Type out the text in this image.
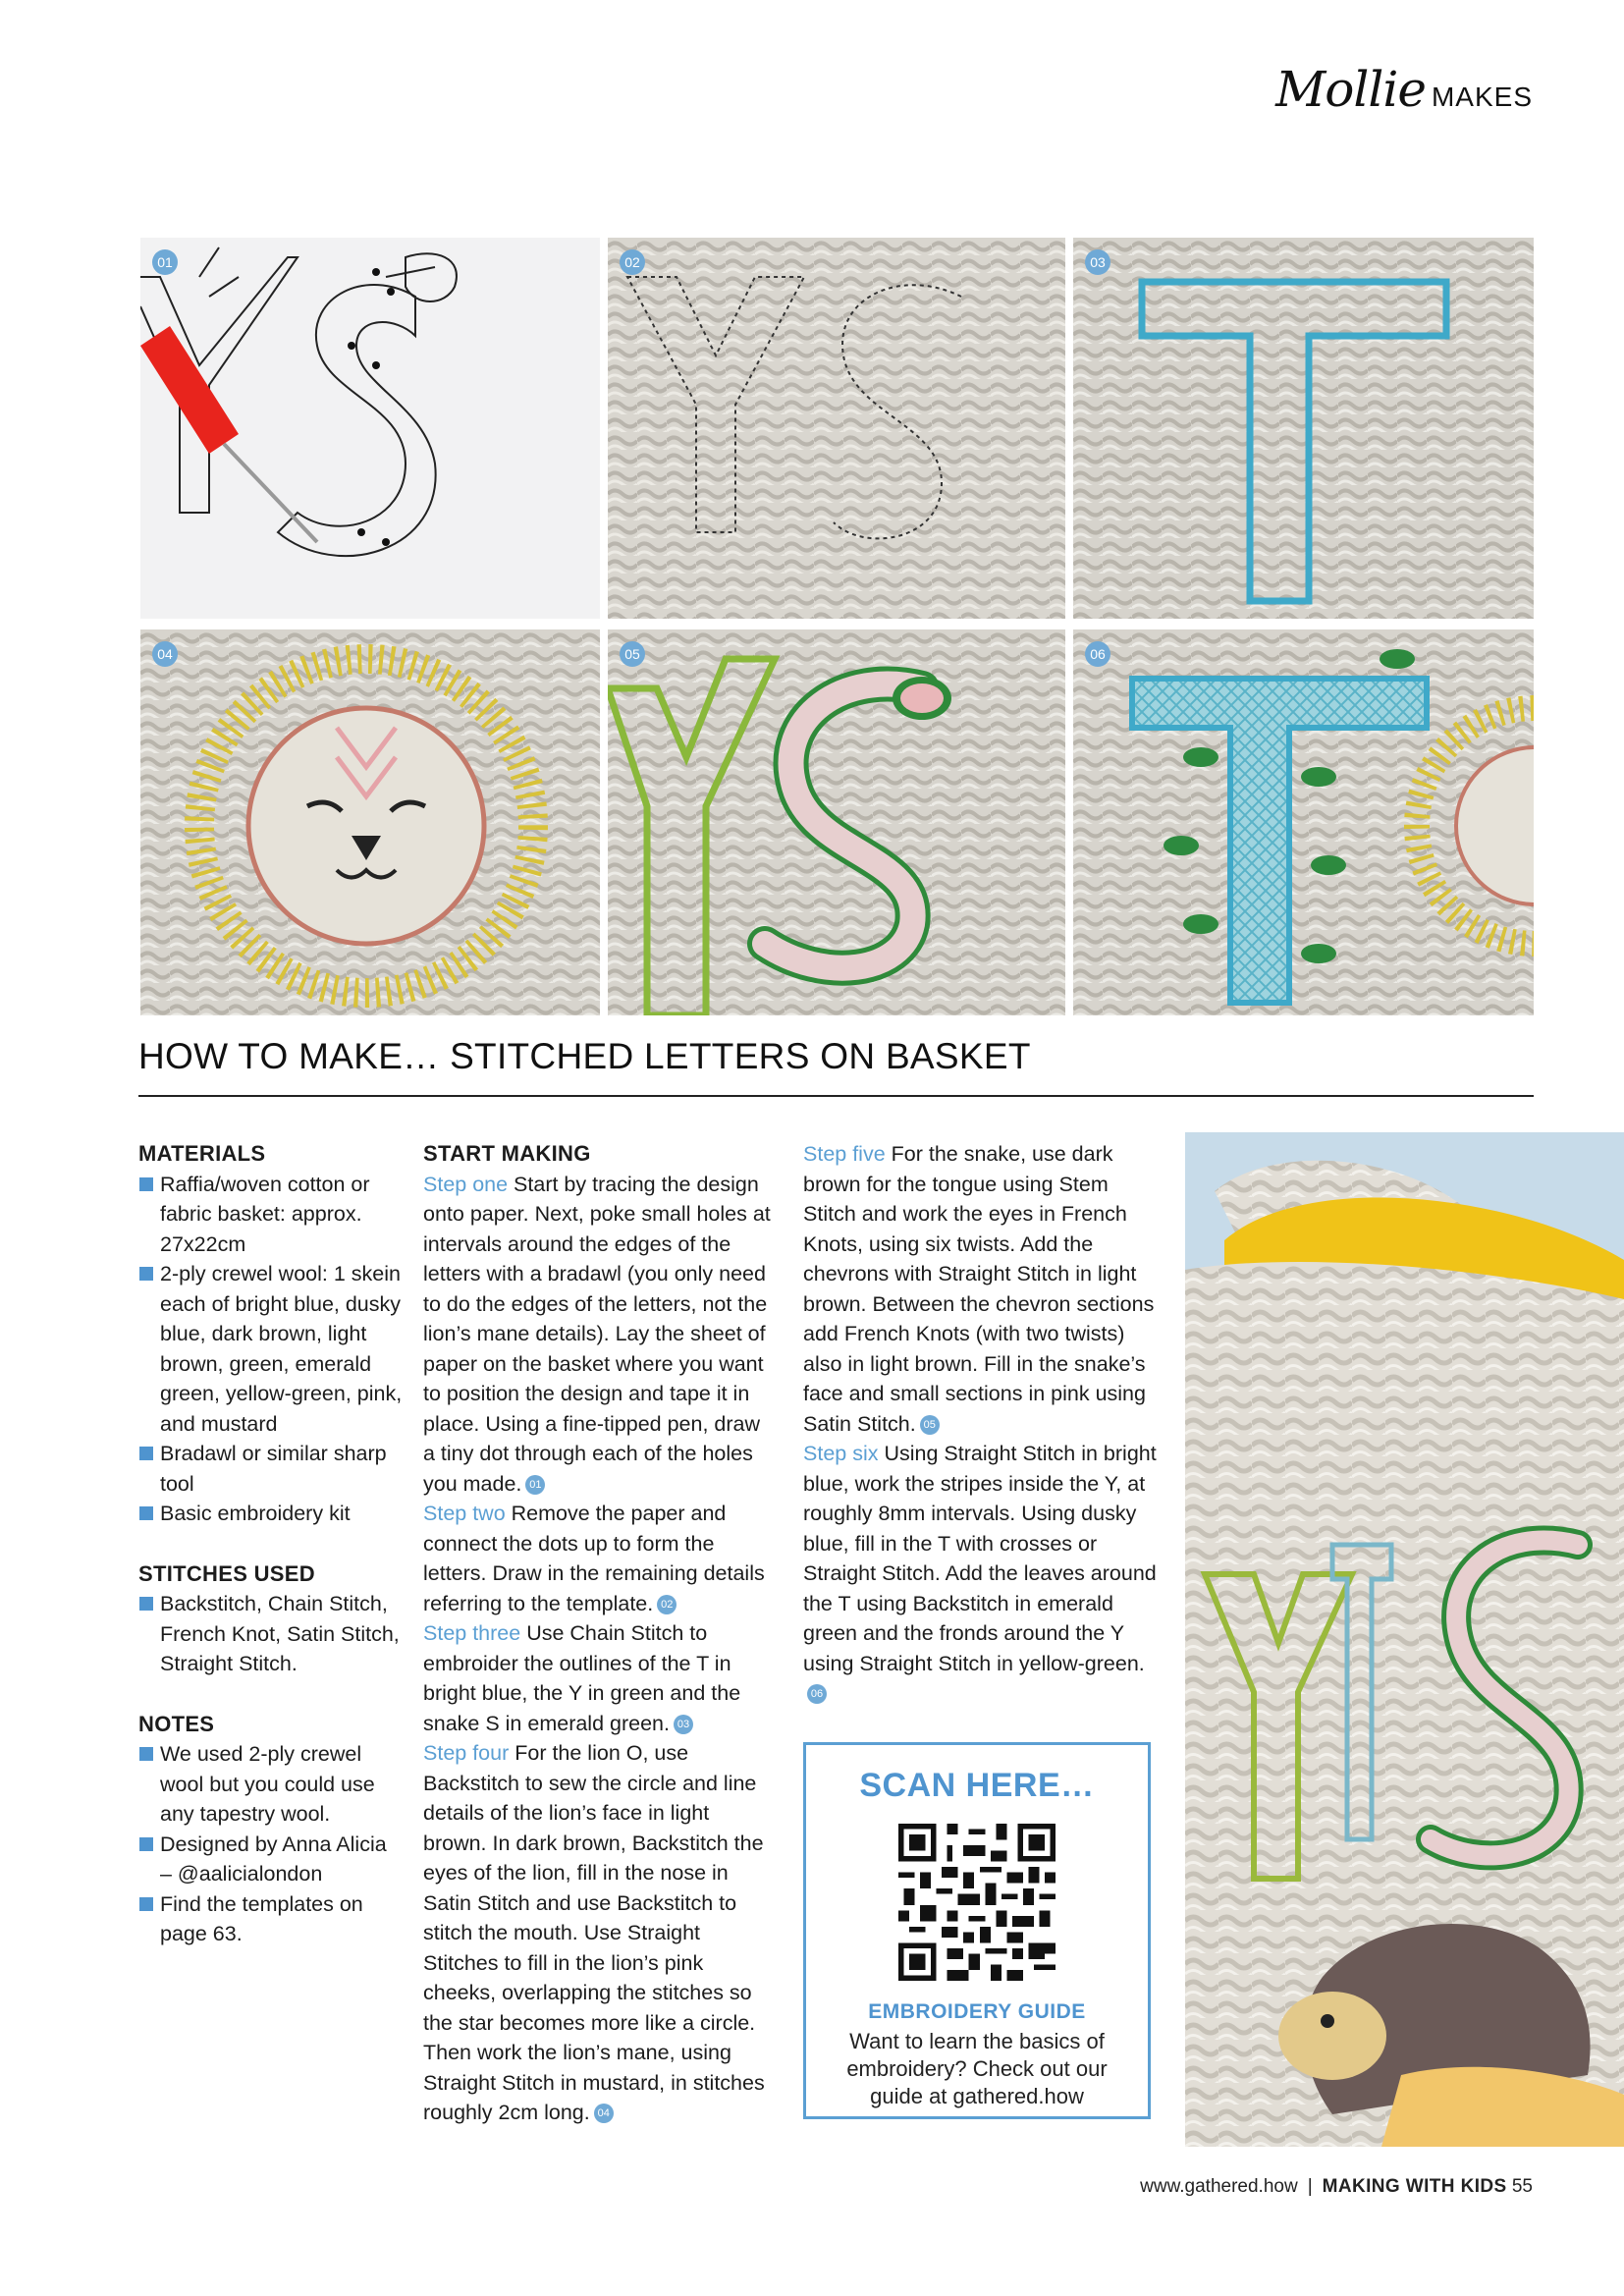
Mollie MAKES
01	02	03
04	05	06
HOW TO MAKE… STITCHED LETTERS ON BASKET
MATERIALS
Raffia/woven cotton or fabric basket: approx. 27x22cm
2-ply crewel wool: 1 skein each of bright blue, dusky blue, dark brown, light brown, green, emerald green, yellow-green, pink, and mustard
Bradawl or similar sharp tool
Basic embroidery kit
STITCHES USED
Backstitch, Chain Stitch, French Knot, Satin Stitch, Straight Stitch.
NOTES
We used 2-ply crewel wool but you could use any tapestry wool.
Designed by Anna Alicia – @aalicialondon
Find the templates on page 63.
START MAKING

Step one Start by tracing the design onto paper. Next, poke small holes at intervals around the edges of the letters with a bradawl (you only need to do the edges of the letters, not the lion’s mane details). Lay the sheet of paper on the basket where you want to position the design and tape it in place. Using a fine-tipped pen, draw a tiny dot through each of the holes you made. 01

Step two Remove the paper and connect the dots up to form the letters. Draw in the remaining details referring to the template. 02

Step three Use Chain Stitch to embroider the outlines of the T in bright blue, the Y in green and the snake S in emerald green. 03

Step four For the lion O, use Backstitch to sew the circle and line details of the lion’s face in light brown. In dark brown, Backstitch the eyes of the lion, fill in the nose in Satin Stitch and use Backstitch to stitch the mouth. Use Straight Stitches to fill in the lion’s pink cheeks, overlapping the stitches so the star becomes more like a circle. Then work the lion’s mane, using Straight Stitch in mustard, in stitches roughly 2cm long. 04

Step five For the snake, use dark brown for the tongue using Stem Stitch and work the eyes in French Knots, using six twists. Add the chevrons with Straight Stitch in light brown. Between the chevron sections add French Knots (with two twists) also in light brown. Fill in the snake’s face and small sections in pink using Satin Stitch. 05

Step six Using Straight Stitch in bright blue, work the stripes inside the Y, at roughly 8mm intervals. Using dusky blue, fill in the T with crosses or Straight Stitch. Add the leaves around the T using Backstitch in emerald green and the fronds around the Y using Straight Stitch in yellow-green.06

SCAN HERE…
EMBROIDERY GUIDE
Want to learn the basics of embroidery? Check out our guide at gathered.how
www.gathered.how | MAKING WITH KIDS 55
